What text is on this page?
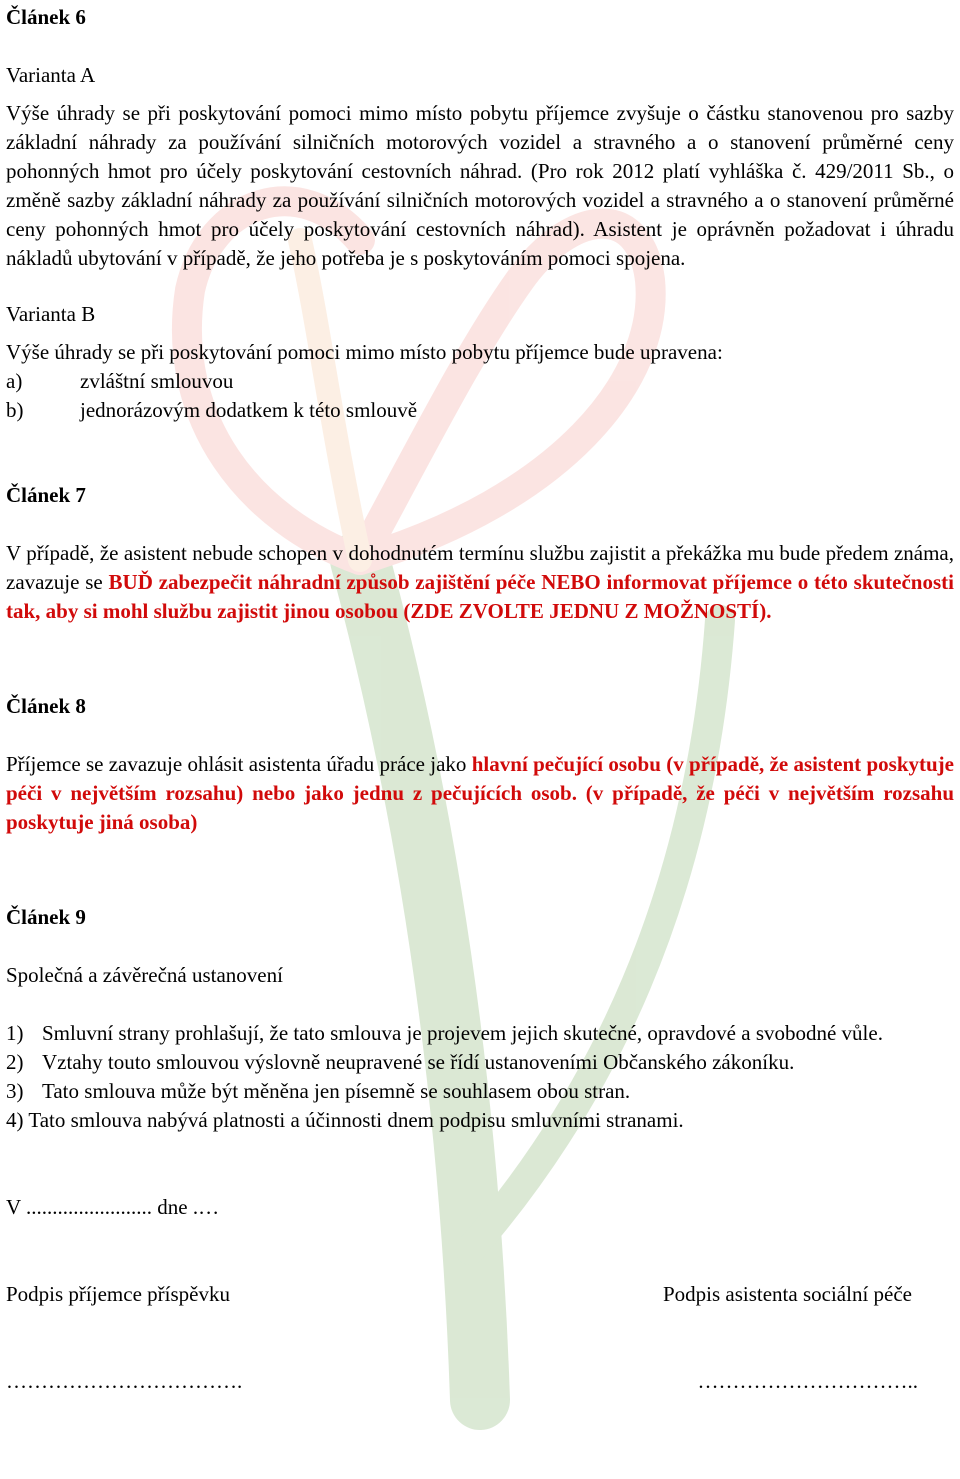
Článek 6

Varianta A

Výše úhrady se při poskytování pomoci mimo místo pobytu příjemce zvyšuje o částku stanovenou pro sazby základní náhrady za používání silničních motorových vozidel a stravného a o stanovení průměrné ceny pohonných hmot pro účely poskytování cestovních náhrad. (Pro rok 2012 platí vyhláška č. 429/2011 Sb., o změně sazby základní náhrady za používání silničních motorových vozidel a stravného a o stanovení průměrné ceny pohonných hmot pro účely poskytování cestovních náhrad). Asistent je oprávněn požadovat i úhradu nákladů ubytování v případě, že jeho potřeba je s poskytováním pomoci spojena.

Varianta B

Výše úhrady se při poskytování pomoci mimo místo pobytu příjemce bude upravena:

a)	zvláštní smlouvou
b)	jednorázovým dodatkem k této smlouvě
Článek 7

V případě, že asistent nebude schopen v dohodnutém termínu službu zajistit a překážka mu bude předem známa, zavazuje se BUĎ zabezpečit náhradní způsob zajištění péče NEBO informovat příjemce o této skutečnosti tak, aby si mohl službu zajistit jinou osobou (ZDE ZVOLTE JEDNU Z MOŽNOSTÍ).

Článek 8

Příjemce se zavazuje ohlásit asistenta úřadu práce jako hlavní pečující osobu (v případě, že asistent poskytuje péči v největším rozsahu) nebo jako jednu z pečujících osob. (v případě, že péči v největším rozsahu poskytuje jiná osoba)

Článek 9

Společná a závěrečná ustanovení

1) Smluvní strany prohlašují, že tato smlouva je projevem jejich skutečné, opravdové a svobodné vůle.
2) Vztahy touto smlouvou výslovně neupravené se řídí ustanoveními Občanského zákoníku.
3) Tato smlouva může být měněna jen písemně se souhlasem obou stran.

4) Tato smlouva nabývá platnosti a účinnosti dnem podpisu smluvními stranami.

V ........................ dne .…

Podpis příjemce příspěvku	Podpis asistenta sociální péče
…………………………….	…………………………..
